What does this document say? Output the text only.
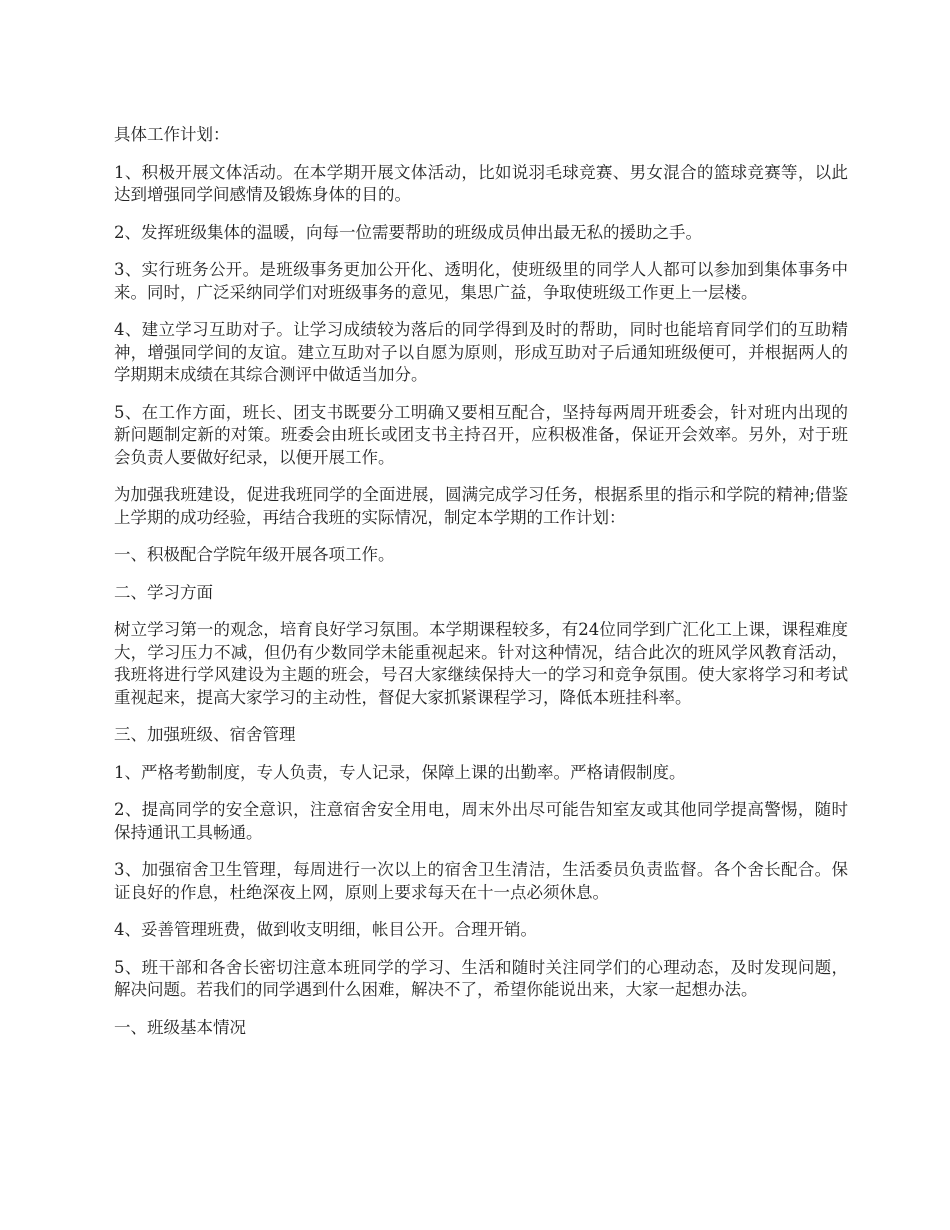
具体工作计划：

1、积极开展文体活动。在本学期开展文体活动，比如说羽毛球竞赛、男女混合的篮球竞赛等，以此达到增强同学间感情及锻炼身体的目的。

2、发挥班级集体的温暖，向每一位需要帮助的班级成员伸出最无私的援助之手。

3、实行班务公开。是班级事务更加公开化、透明化，使班级里的同学人人都可以参加到集体事务中来。同时，广泛采纳同学们对班级事务的意见，集思广益，争取使班级工作更上一层楼。

4、建立学习互助对子。让学习成绩较为落后的同学得到及时的帮助，同时也能培育同学们的互助精神，增强同学间的友谊。建立互助对子以自愿为原则，形成互助对子后通知班级便可，并根据两人的学期期末成绩在其综合测评中做适当加分。

5、在工作方面，班长、团支书既要分工明确又要相互配合，坚持每两周开班委会，针对班内出现的新问题制定新的对策。班委会由班长或团支书主持召开，应积极准备，保证开会效率。另外，对于班会负责人要做好纪录，以便开展工作。

为加强我班建设，促进我班同学的全面进展，圆满完成学习任务，根据系里的指示和学院的精神;借鉴上学期的成功经验，再结合我班的实际情况，制定本学期的工作计划：

一、积极配合学院年级开展各项工作。

二、学习方面

树立学习第一的观念，培育良好学习氛围。本学期课程较多，有24位同学到广汇化工上课，课程难度大，学习压力不减，但仍有少数同学未能重视起来。针对这种情况，结合此次的班风学风教育活动，我班将进行学风建设为主题的班会，号召大家继续保持大一的学习和竞争氛围。使大家将学习和考试重视起来，提高大家学习的主动性，督促大家抓紧课程学习，降低本班挂科率。

三、加强班级、宿舍管理

1、严格考勤制度，专人负责，专人记录，保障上课的出勤率。严格请假制度。

2、提高同学的安全意识，注意宿舍安全用电，周末外出尽可能告知室友或其他同学提高警惕，随时保持通讯工具畅通。

3、加强宿舍卫生管理，每周进行一次以上的宿舍卫生清洁，生活委员负责监督。各个舍长配合。保证良好的作息，杜绝深夜上网，原则上要求每天在十一点必须休息。

4、妥善管理班费，做到收支明细，帐目公开。合理开销。

5、班干部和各舍长密切注意本班同学的学习、生活和随时关注同学们的心理动态，及时发现问题，解决问题。若我们的同学遇到什么困难，解决不了，希望你能说出来，大家一起想办法。

一、班级基本情况
